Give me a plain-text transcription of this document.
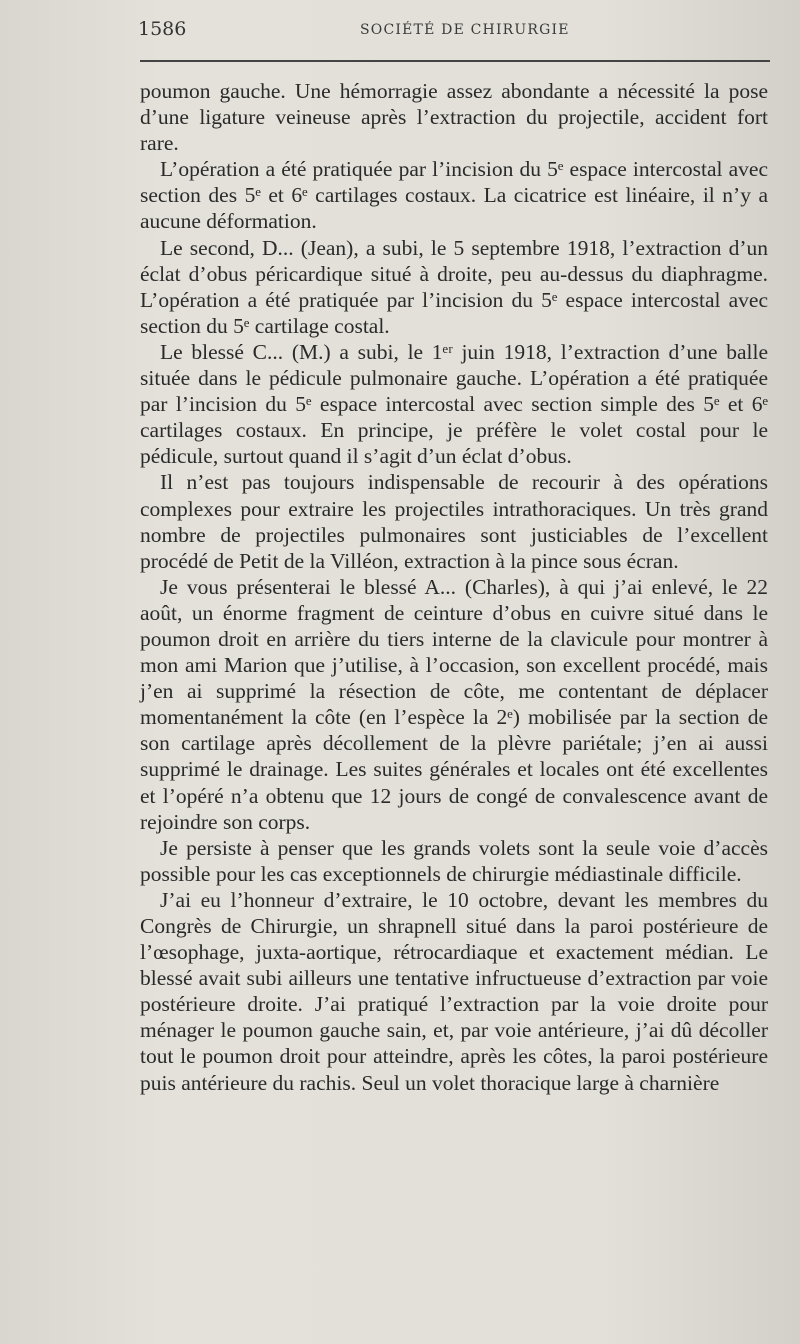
1586	SOCIÉTÉ DE CHIRURGIE

poumon gauche. Une hémorragie assez abondante a nécessité la pose d’une ligature veineuse après l’extraction du projectile, accident fort rare.

L’opération a été pratiquée par l’incision du 5ᵉ espace intercostal avec section des 5ᵉ et 6ᵉ cartilages costaux. La cicatrice est linéaire, il n’y a aucune déformation.

Le second, D... (Jean), a subi, le 5 septembre 1918, l’extraction d’un éclat d’obus péricardique situé à droite, peu au-dessus du diaphragme. L’opération a été pratiquée par l’incision du 5ᵉ espace intercostal avec section du 5ᵉ cartilage costal.

Le blessé C... (M.) a subi, le 1ᵉʳ juin 1918, l’extraction d’une balle située dans le pédicule pulmonaire gauche. L’opération a été pratiquée par l’incision du 5ᵉ espace intercostal avec section simple des 5ᵉ et 6ᵉ cartilages costaux. En principe, je préfère le volet costal pour le pédicule, surtout quand il s’agit d’un éclat d’obus.

Il n’est pas toujours indispensable de recourir à des opérations complexes pour extraire les projectiles intrathoraciques. Un très grand nombre de projectiles pulmonaires sont justiciables de l’excellent procédé de Petit de la Villéon, extraction à la pince sous écran.

Je vous présenterai le blessé A... (Charles), à qui j’ai enlevé, le 22 août, un énorme fragment de ceinture d’obus en cuivre situé dans le poumon droit en arrière du tiers interne de la clavicule pour montrer à mon ami Marion que j’utilise, à l’occasion, son excellent procédé, mais j’en ai supprimé la résection de côte, me contentant de déplacer momentanément la côte (en l’espèce la 2ᵉ) mobilisée par la section de son cartilage après décollement de la plèvre pariétale; j’en ai aussi supprimé le drainage. Les suites générales et locales ont été excellentes et l’opéré n’a obtenu que 12 jours de congé de convalescence avant de rejoindre son corps.

Je persiste à penser que les grands volets sont la seule voie d’accès possible pour les cas exceptionnels de chirurgie médiastinale difficile.

J’ai eu l’honneur d’extraire, le 10 octobre, devant les membres du Congrès de Chirurgie, un shrapnell situé dans la paroi postérieure de l’œsophage, juxta-aortique, rétrocardiaque et exactement médian. Le blessé avait subi ailleurs une tentative infructueuse d’extraction par voie postérieure droite. J’ai pratiqué l’extraction par la voie droite pour ménager le poumon gauche sain, et, par voie antérieure, j’ai dû décoller tout le poumon droit pour atteindre, après les côtes, la paroi postérieure puis antérieure du rachis. Seul un volet thoracique large à charnière
